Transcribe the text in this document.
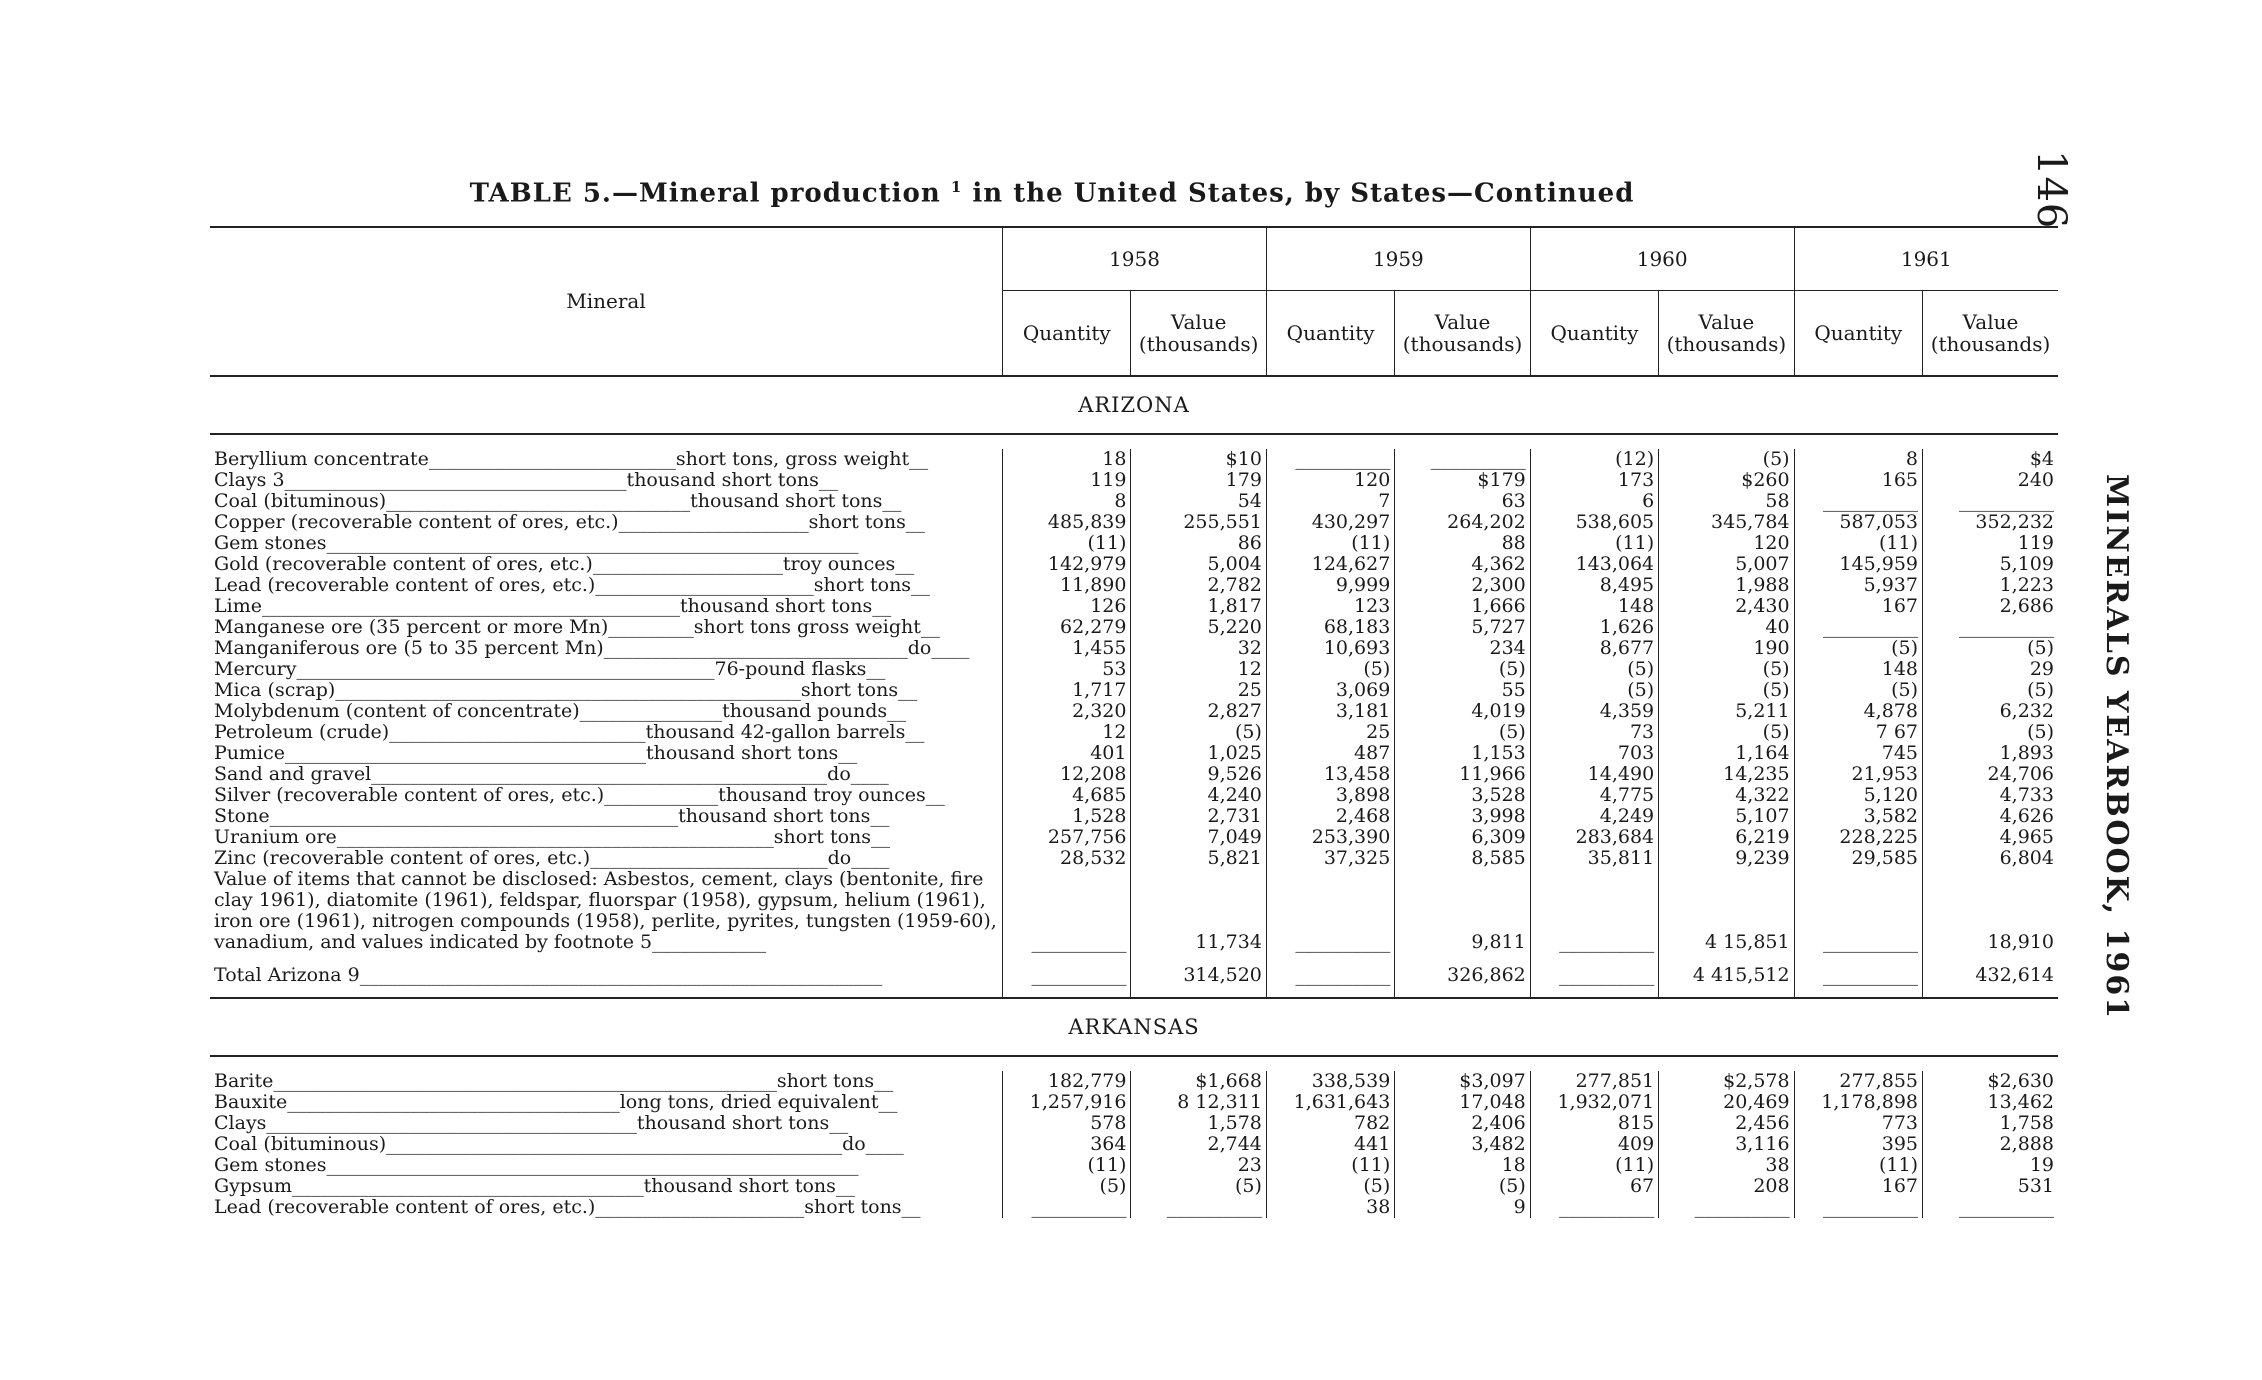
146
MINERALS YEARBOOK, 1961
TABLE 5.—Mineral production $^1$ in the United States, by States—Continued
Mineral	1958		1959		1960		1961	
	Quantity	Value (thousands)	Quantity	Value (thousands)	Quantity	Value (thousands)	Quantity	Value (thousands)
ARIZONA								

Beryllium concentrate__________________________short tons, gross weight__	18	$10	__________	__________	(12)	(5)	8	$4
Clays 3____________________________________thousand short tons__	119	179	120	$179	173	$260	165	240
Coal (bituminous)________________________________thousand short tons__	8	54	7	63	6	58	__________	__________
Copper (recoverable content of ores, etc.)____________________short tons__	485,839	255,551	430,297	264,202	538,605	345,784	587,053	352,232
Gem stones________________________________________________________	(11)	86	(11)	88	(11)	120	(11)	119
Gold (recoverable content of ores, etc.)____________________troy ounces__	142,979	5,004	124,627	4,362	143,064	5,007	145,959	5,109
Lead (recoverable content of ores, etc.)_______________________short tons__	11,890	2,782	9,999	2,300	8,495	1,988	5,937	1,223
Lime____________________________________________thousand short tons__	126	1,817	123	1,666	148	2,430	167	2,686
Manganese ore (35 percent or more Mn)_________short tons gross weight__	62,279	5,220	68,183	5,727	1,626	40	__________	__________
Manganiferous ore (5 to 35 percent Mn)________________________________do____	1,455	32	10,693	234	8,677	190	(5)	(5)
Mercury____________________________________________76-pound flasks__	53	12	(5)	(5)	(5)	(5)	148	29
Mica (scrap)_________________________________________________short tons__	1,717	25	3,069	55	(5)	(5)	(5)	(5)
Molybdenum (content of concentrate)_______________thousand pounds__	2,320	2,827	3,181	4,019	4,359	5,211	4,878	6,232
Petroleum (crude)___________________________thousand 42-gallon barrels__	12	(5)	25	(5)	73	(5)	7 67	(5)
Pumice______________________________________thousand short tons__	401	1,025	487	1,153	703	1,164	745	1,893
Sand and gravel________________________________________________do____	12,208	9,526	13,458	11,966	14,490	14,235	21,953	24,706
Silver (recoverable content of ores, etc.)____________thousand troy ounces__	4,685	4,240	3,898	3,528	4,775	4,322	5,120	4,733
Stone___________________________________________thousand short tons__	1,528	2,731	2,468	3,998	4,249	5,107	3,582	4,626
Uranium ore______________________________________________short tons__	257,756	7,049	253,390	6,309	283,684	6,219	228,225	4,965
Zinc (recoverable content of ores, etc.)_________________________do____	28,532	5,821	37,325	8,585	35,811	9,239	29,585	6,804
Value of items that cannot be disclosed: Asbestos, cement, clays (bentonite, fire clay 1961), diatomite (1961), feldspar, fluorspar (1958), gypsum, helium (1961), iron ore (1961), nitrogen compounds (1958), perlite, pyrites, tungsten (1959-60), vanadium, and values indicated by footnote 5____________	__________	11,734	__________	9,811	__________	4 15,851	__________	18,910
Total Arizona 9_______________________________________________________	__________	314,520	__________	326,862	__________	4 415,512	__________	432,614

ARKANSAS								

Barite_____________________________________________________short tons__	182,779	$1,668	338,539	$3,097	277,851	$2,578	277,855	$2,630
Bauxite___________________________________long tons, dried equivalent__	1,257,916	8 12,311	1,631,643	17,048	1,932,071	20,469	1,178,898	13,462
Clays_______________________________________thousand short tons__	578	1,578	782	2,406	815	2,456	773	1,758
Coal (bituminous)________________________________________________do____	364	2,744	441	3,482	409	3,116	395	2,888
Gem stones________________________________________________________	(11)	23	(11)	18	(11)	38	(11)	19
Gypsum_____________________________________thousand short tons__	(5)	(5)	(5)	(5)	67	208	167	531
Lead (recoverable content of ores, etc.)______________________short tons__	__________	__________	38	9	__________	__________	__________	__________
